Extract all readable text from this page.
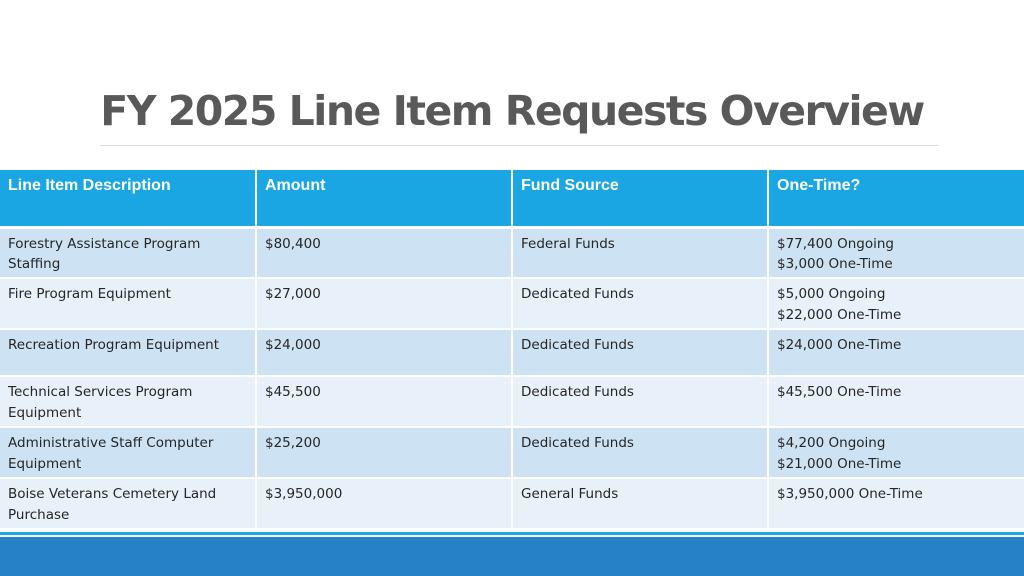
FY 2025 Line Item Requests Overview
Line Item Description	Amount	Fund Source	One-Time?
Forestry Assistance Program Staffing	$80,400	Federal Funds	$77,400 Ongoing
$3,000 One-Time

Fire Program Equipment	$27,000	Dedicated Funds	$5,000 Ongoing
$22,000 One-Time

Recreation Program Equipment	$24,000	Dedicated Funds	$24,000 One-Time

Technical Services Program Equipment	$45,500	Dedicated Funds	$45,500 One-Time

Administrative Staff Computer Equipment	$25,200	Dedicated Funds	$4,200 Ongoing
$21,000 One-Time

Boise Veterans Cemetery Land Purchase	$3,950,000	General Funds	$3,950,000 One-Time
